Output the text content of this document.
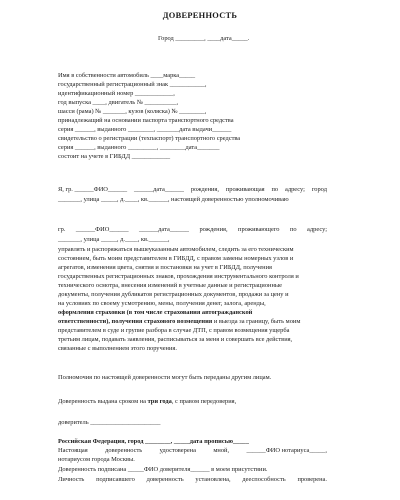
ДОВЕРЕННОСТЬ
Город _________, ____дата_____.
Имя в собственности автомобиль ____марка_____
государственный регистрационный знак ___________,
идентификационный номер ____________,
год выпуска ____, двигатель № __________,
шасси (рама) № _______, кузов (коляска) № ________,
принадлежащий на основании паспорта транспортного средства
серия ______, выданного ________, _______дата выдачи______
свидетельство о регистрации (техпаспорт) транспортного средства
серия ______, выданного _________, ________дата_______
состоит на учете в ГИБДД ____________
Я, гр. ______ФИО______ ______дата______ рождения, проживающая по адресу; город
_______, улица _____, д.____, кв.______, настоящей доверенностью уполномочиваю
гр. ______ФИО______ ______дата______ рождения, проживающего по адресу;
_______, улица _____, д.____, кв.______,
управлять и распоряжаться вышеуказанным автомобилем, следить за его техническим
состоянием, быть моим представителем в ГИБДД, с правом замены номерных узлов и
агрегатов, изменения цвета, снятия и постановки на учет в ГИБДД, получения
государственных регистрационных знаков, прохождения инструментального контроля и
технического осмотра, внесения изменений в учетные данные и регистрационные
документы, получения дубликатов регистрационных документов, продажи за цену и
на условиях по своему усмотрению, мены, получения денег, залога, аренды,
оформления страховки (в том числе страхования автогражданской
ответственности), получения страхового возмещения и выезда за границу, быть моим
представителем в суде и групие разбора в случае ДТП, с правом возмещения ущерба
третьим лицам, подавать заявления, расписываться за меня и совершать все действия,
связанные с выполнением этого поручения.
Полномочия по настоящей доверенности могут быть переданы другим лицам.
Доверенность выдана сроком на три года, с правом передоверия,
доверитель ______________________
Российская Федерация, город ________, _____дата прописью_____
Настоящая	доверенность	удостоверена	мной,	______ФИО нотариуса_____,
нотариусом города Москвы.
Доверенность подписана _____ФИО доверителя______ в моем присутствии.
Личность подписавшего доверенность установлена, дееспособность проверена.
